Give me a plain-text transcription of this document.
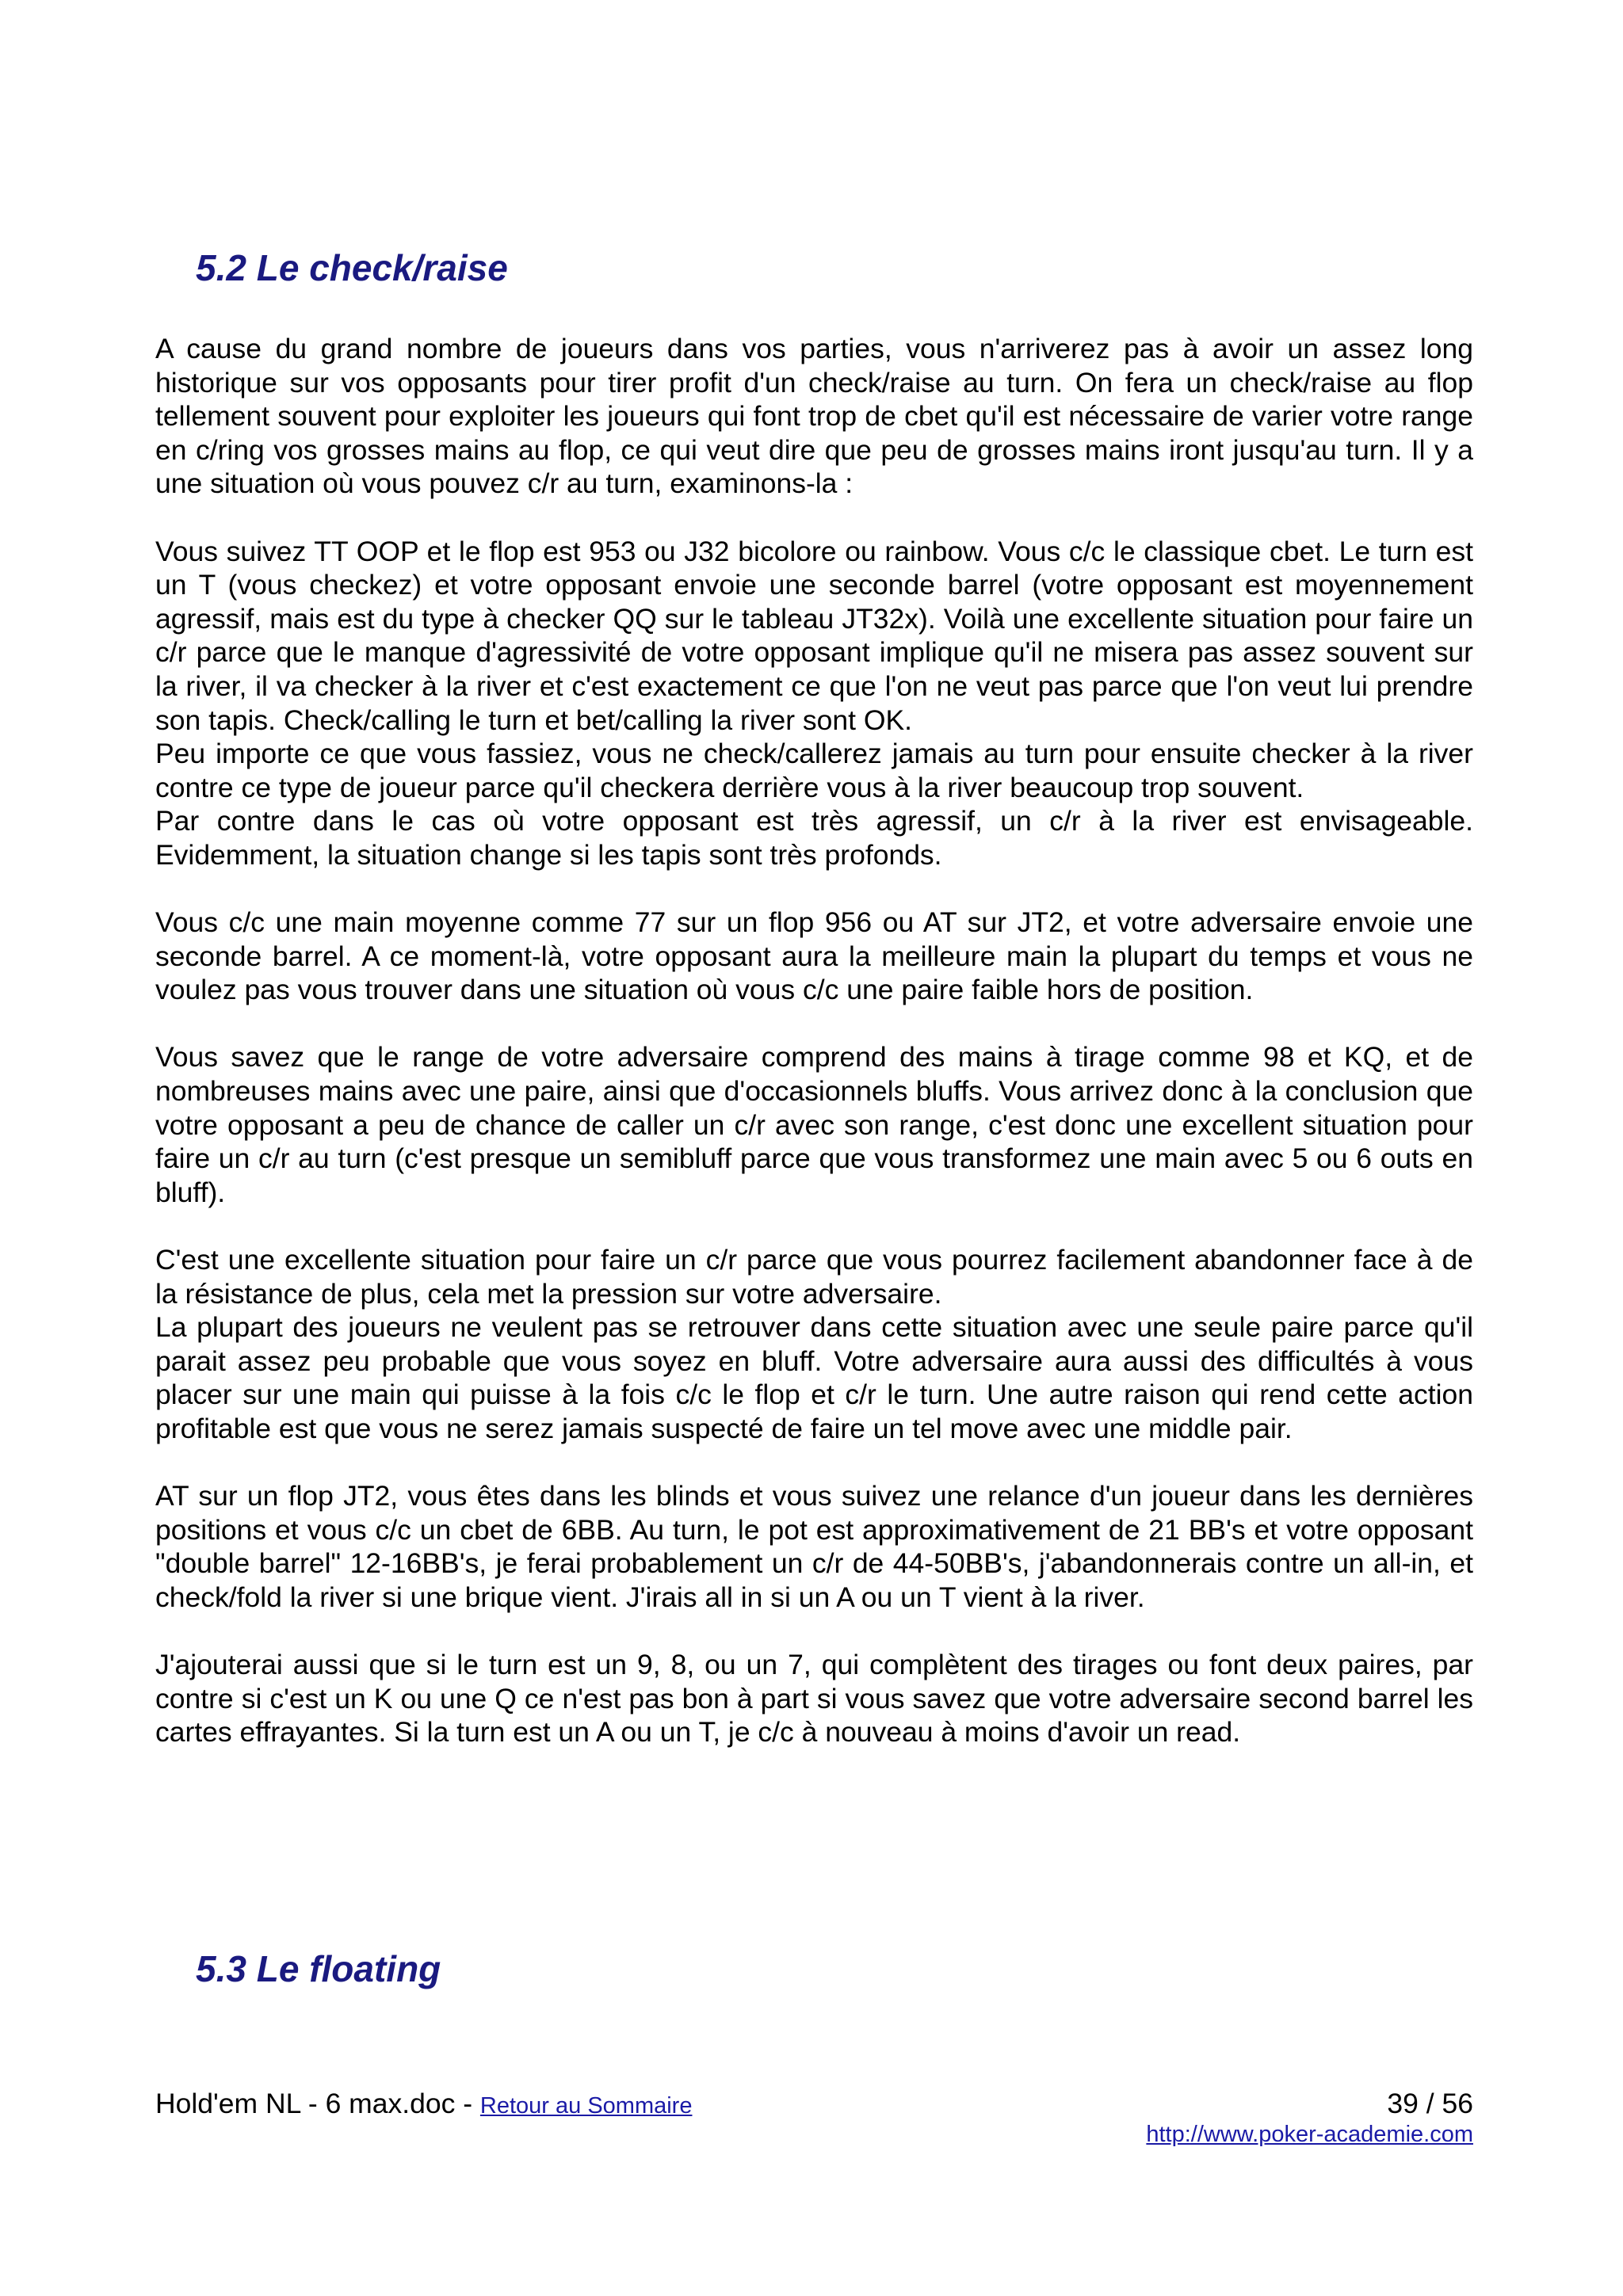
5.2 Le check/raise

A cause du grand nombre de joueurs dans vos parties, vous n'arriverez pas à avoir un assez long historique sur vos opposants pour tirer profit d'un check/raise au turn. On fera un check/raise au flop tellement souvent pour exploiter les joueurs qui font trop de cbet qu'il est nécessaire de varier votre range en c/ring vos grosses mains au flop, ce qui veut dire que peu de grosses mains iront jusqu'au turn. Il y a une situation où vous pouvez c/r au turn, examinons-la :

Vous suivez TT OOP et le flop est 953 ou J32 bicolore ou rainbow. Vous c/c le classique cbet. Le turn est un T (vous checkez) et votre opposant envoie une seconde barrel (votre opposant est moyennement agressif, mais est du type à checker QQ sur le tableau JT32x). Voilà une excellente situation pour faire un c/r parce que le manque d'agressivité de votre opposant implique qu'il ne misera pas assez souvent sur la river, il va checker à la river et c'est exactement ce que l'on ne veut pas parce que l'on veut lui prendre son tapis. Check/calling le turn et bet/calling la river sont OK.

Peu importe ce que vous fassiez, vous ne check/callerez jamais au turn pour ensuite checker à la river contre ce type de joueur parce qu'il checkera derrière vous à la river beaucoup trop souvent.

Par contre dans le cas où votre opposant est très agressif, un c/r à la river est envisageable. Evidemment, la situation change si les tapis sont très profonds.

Vous c/c une main moyenne comme 77 sur un flop 956 ou AT sur JT2, et votre adversaire envoie une seconde barrel. A ce moment-là, votre opposant aura la meilleure main la plupart du temps et vous ne voulez pas vous trouver dans une situation où vous c/c une paire faible hors de position.

Vous savez que le range de votre adversaire comprend des mains à tirage comme 98 et KQ, et de nombreuses mains avec une paire, ainsi que d'occasionnels bluffs. Vous arrivez donc à la conclusion que votre opposant a peu de chance de caller un c/r avec son range, c'est donc une excellent situation pour faire un c/r au turn (c'est presque un semibluff parce que vous transformez une main avec 5 ou 6 outs en bluff).

C'est une excellente situation pour faire un c/r parce que vous pourrez facilement abandonner face à de la résistance de plus, cela met la pression sur votre adversaire.

La plupart des joueurs ne veulent pas se retrouver dans cette situation avec une seule paire parce qu'il parait assez peu probable que vous soyez en bluff. Votre adversaire aura aussi des difficultés à vous placer sur une main qui puisse à la fois c/c le flop et c/r le turn. Une autre raison qui rend cette action profitable est que vous ne serez jamais suspecté de faire un tel move avec une middle pair.

AT sur un flop JT2, vous êtes dans les blinds et vous suivez une relance d'un joueur dans les dernières positions et vous c/c un cbet de 6BB. Au turn, le pot est approximativement de 21 BB's et votre opposant "double barrel" 12-16BB's, je ferai probablement un c/r de 44-50BB's, j'abandonnerais contre un all-in, et check/fold la river si une brique vient. J'irais all in si un A ou un T vient à la river.

J'ajouterai aussi que si le turn est un 9, 8, ou un 7, qui complètent des tirages ou font deux paires, par contre si c'est un K ou une Q ce n'est pas bon à part si vous savez que votre adversaire second barrel les cartes effrayantes. Si la turn est un A ou un T, je c/c à nouveau à moins d'avoir un read.

5.3 Le floating
Hold'em NL - 6 max.doc - Retour au Sommaire	39 / 56
http://www.poker-academie.com
